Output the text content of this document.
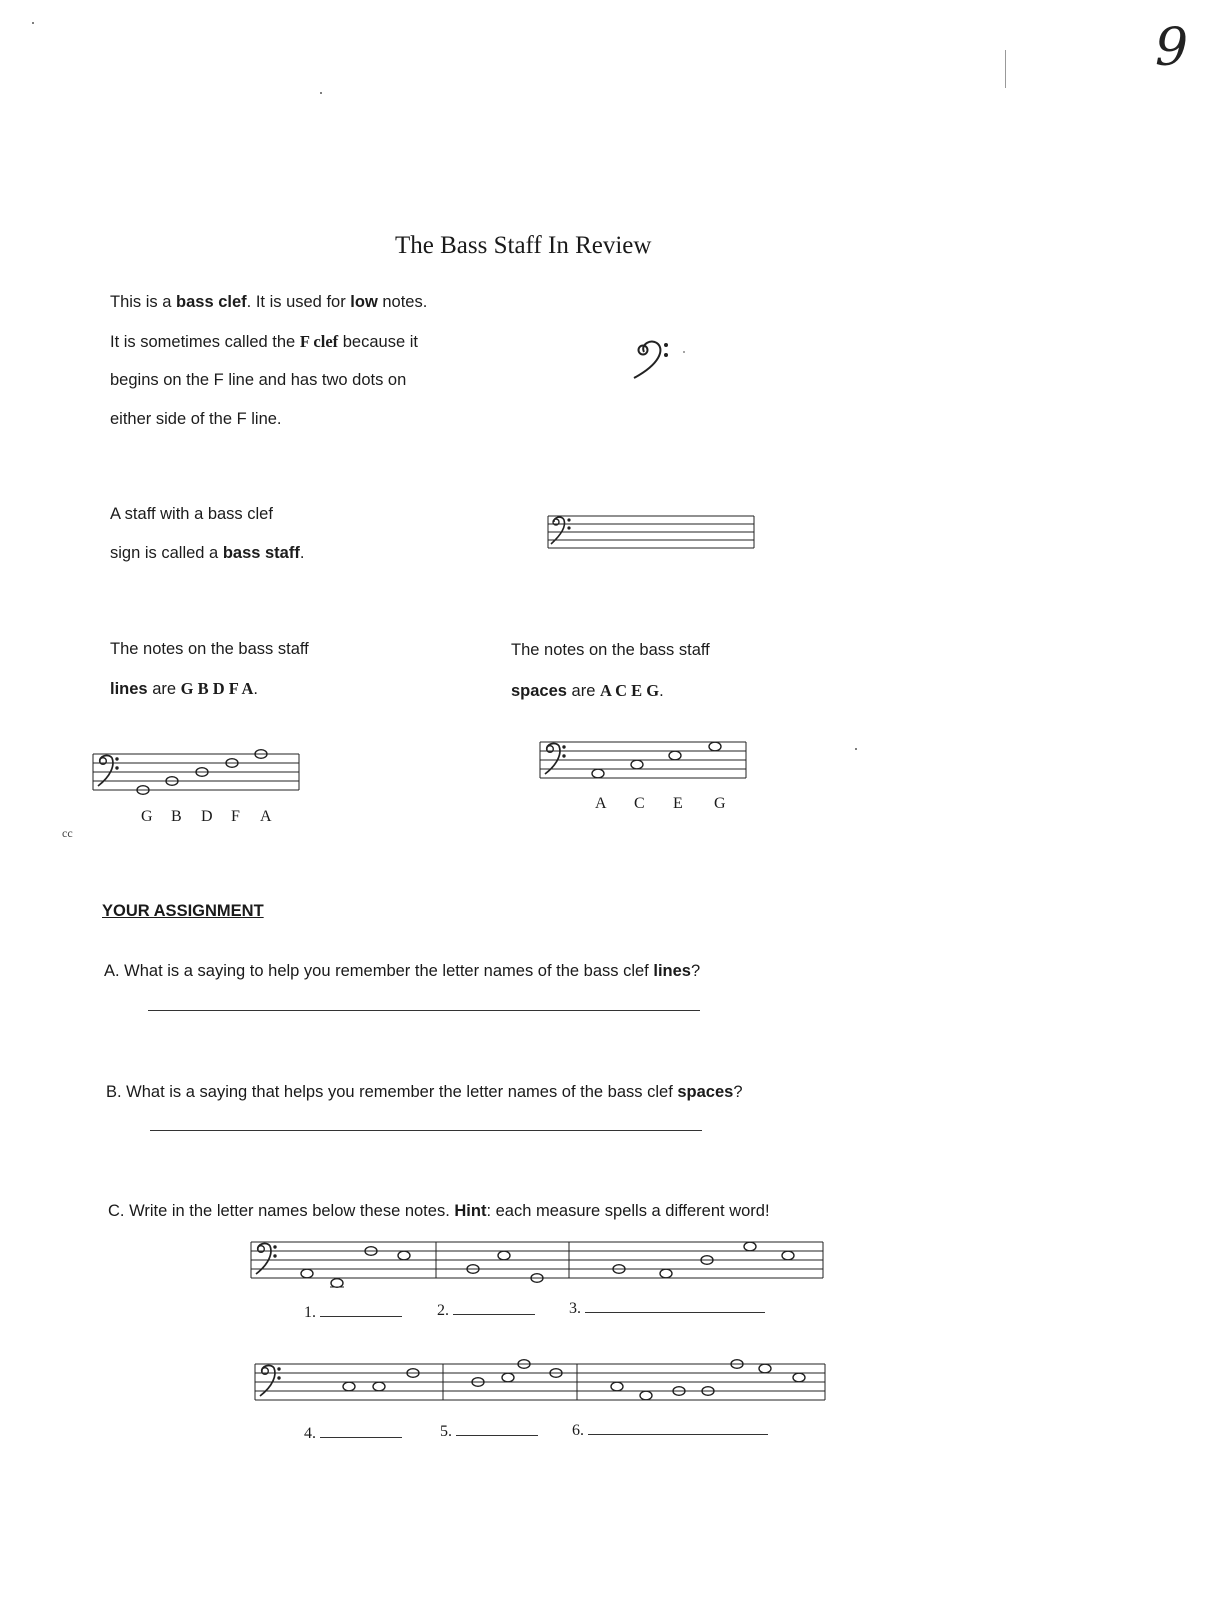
9
cc
The Bass Staff In Review
This is a bass clef. It is used for low notes.
It is sometimes called the F clef because it
begins on the F line and has two dots on
either side of the F line.
A staff with a bass clef
sign is called a bass staff.
The notes on the bass staff
lines are G B D F A.
The notes on the bass staff
spaces are A C E G.
G B D F A
A C E G
YOUR ASSIGNMENT
A. What is a saying to help you remember the letter names of the bass clef lines?
B. What is a saying that helps you remember the letter names of the bass clef spaces?
C. Write in the letter names below these notes. Hint: each measure spells a different word!
1.	2.	3.
4.	5.	6.
